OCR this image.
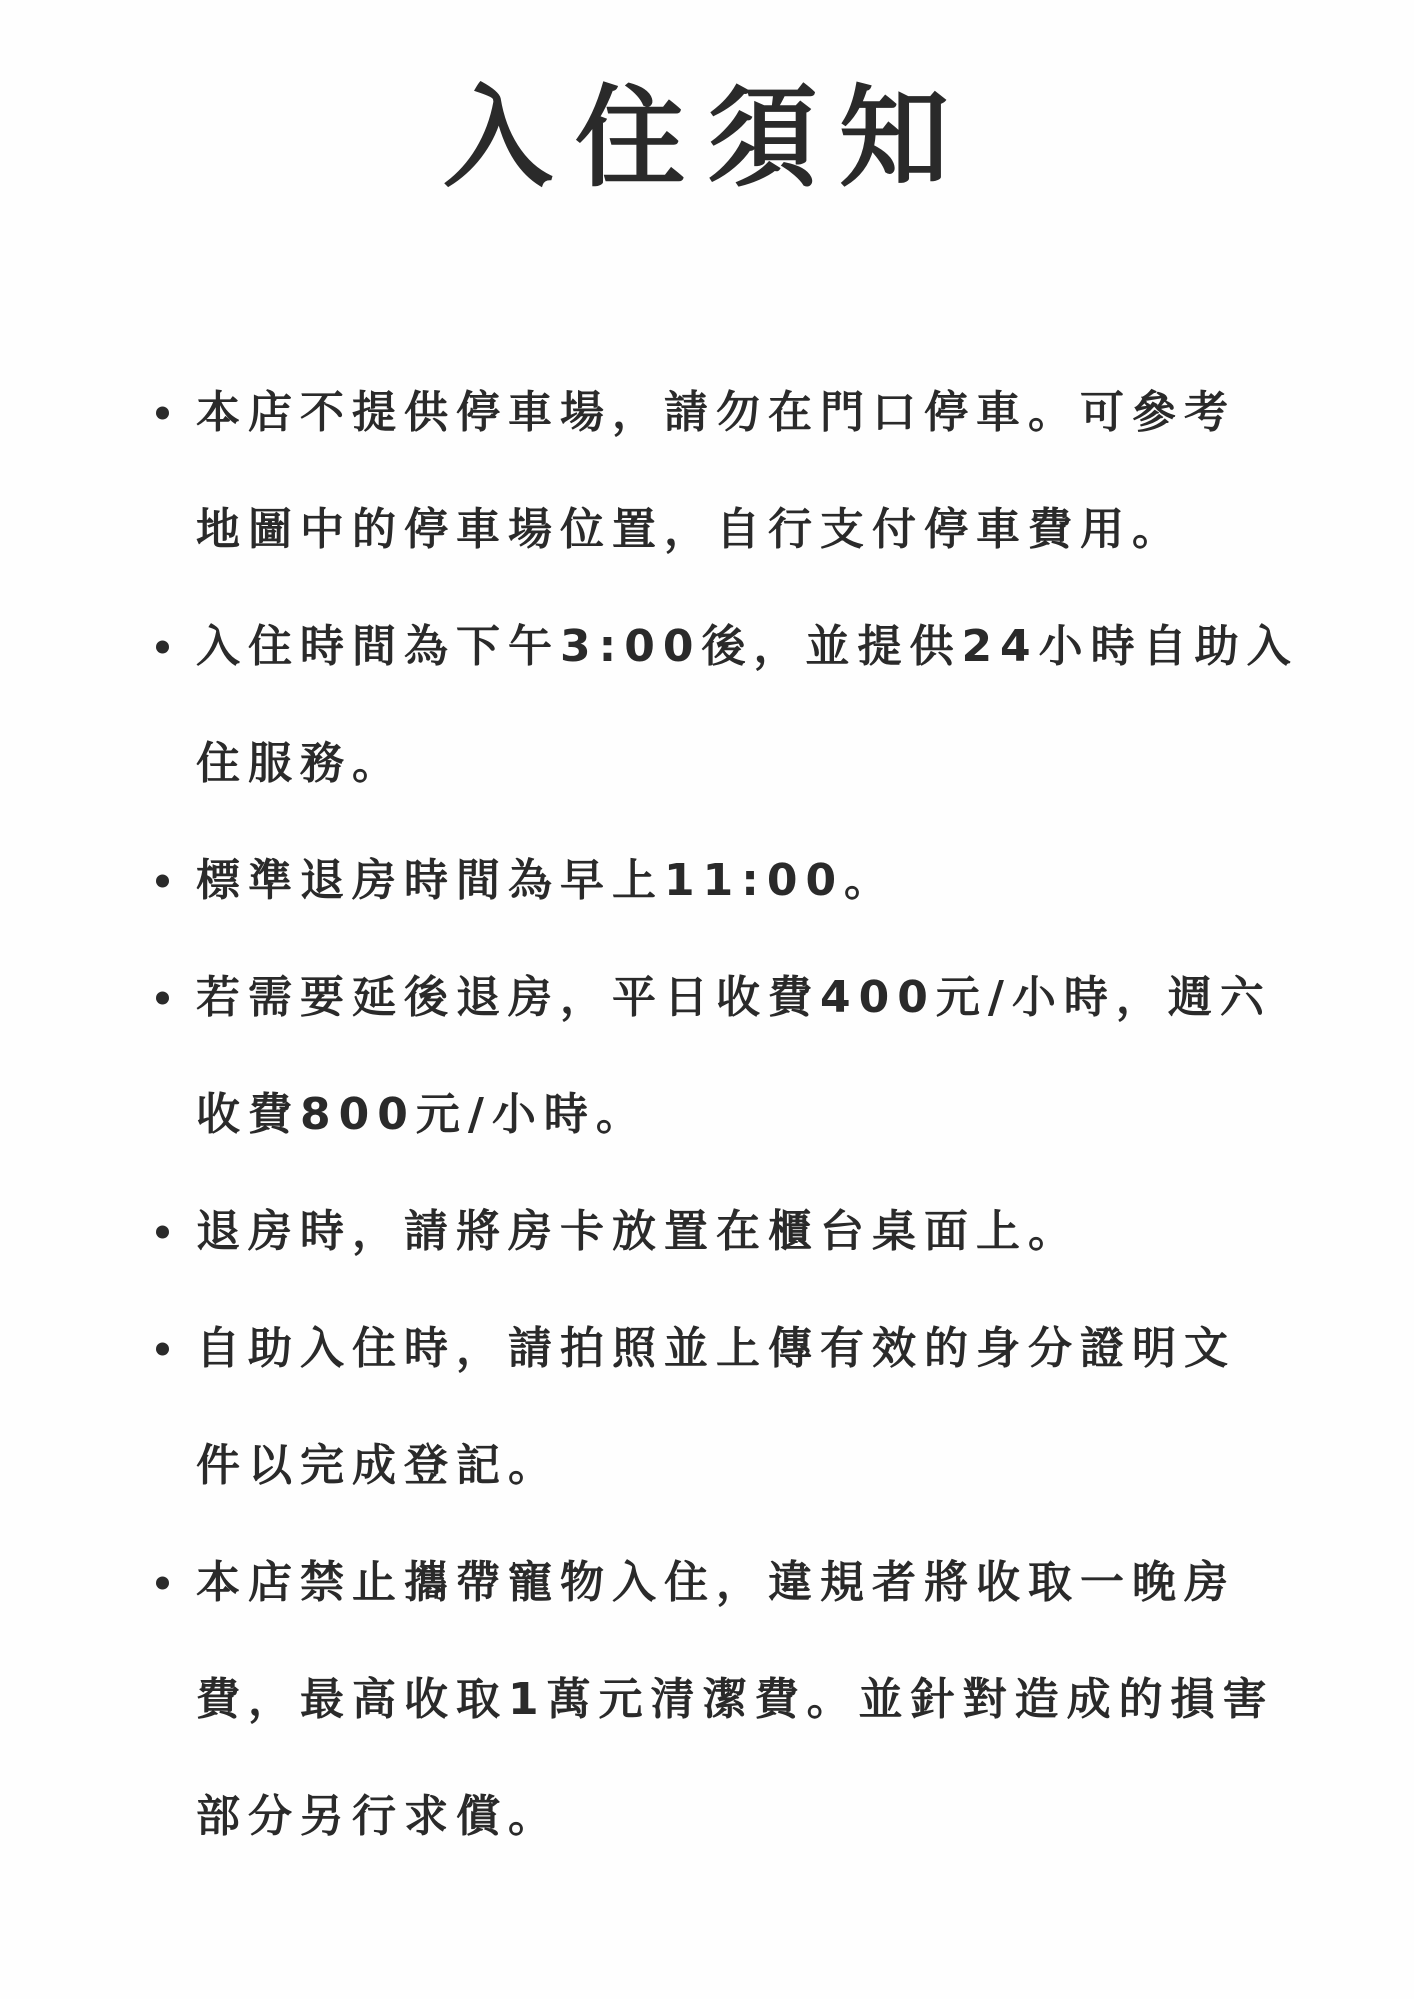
入住須知
本店不提供停車場，請勿在門口停車。可參考
地圖中的停車場位置，自行支付停車費用。
入住時間為下午3:00後，並提供24小時自助入
住服務。
標準退房時間為早上11:00。
若需要延後退房，平日收費400元/小時，週六
收費800元/小時。
退房時，請將房卡放置在櫃台桌面上。
自助入住時，請拍照並上傳有效的身分證明文
件以完成登記。
本店禁止攜帶寵物入住，違規者將收取一晚房
費，最高收取1萬元清潔費。並針對造成的損害
部分另行求償。
